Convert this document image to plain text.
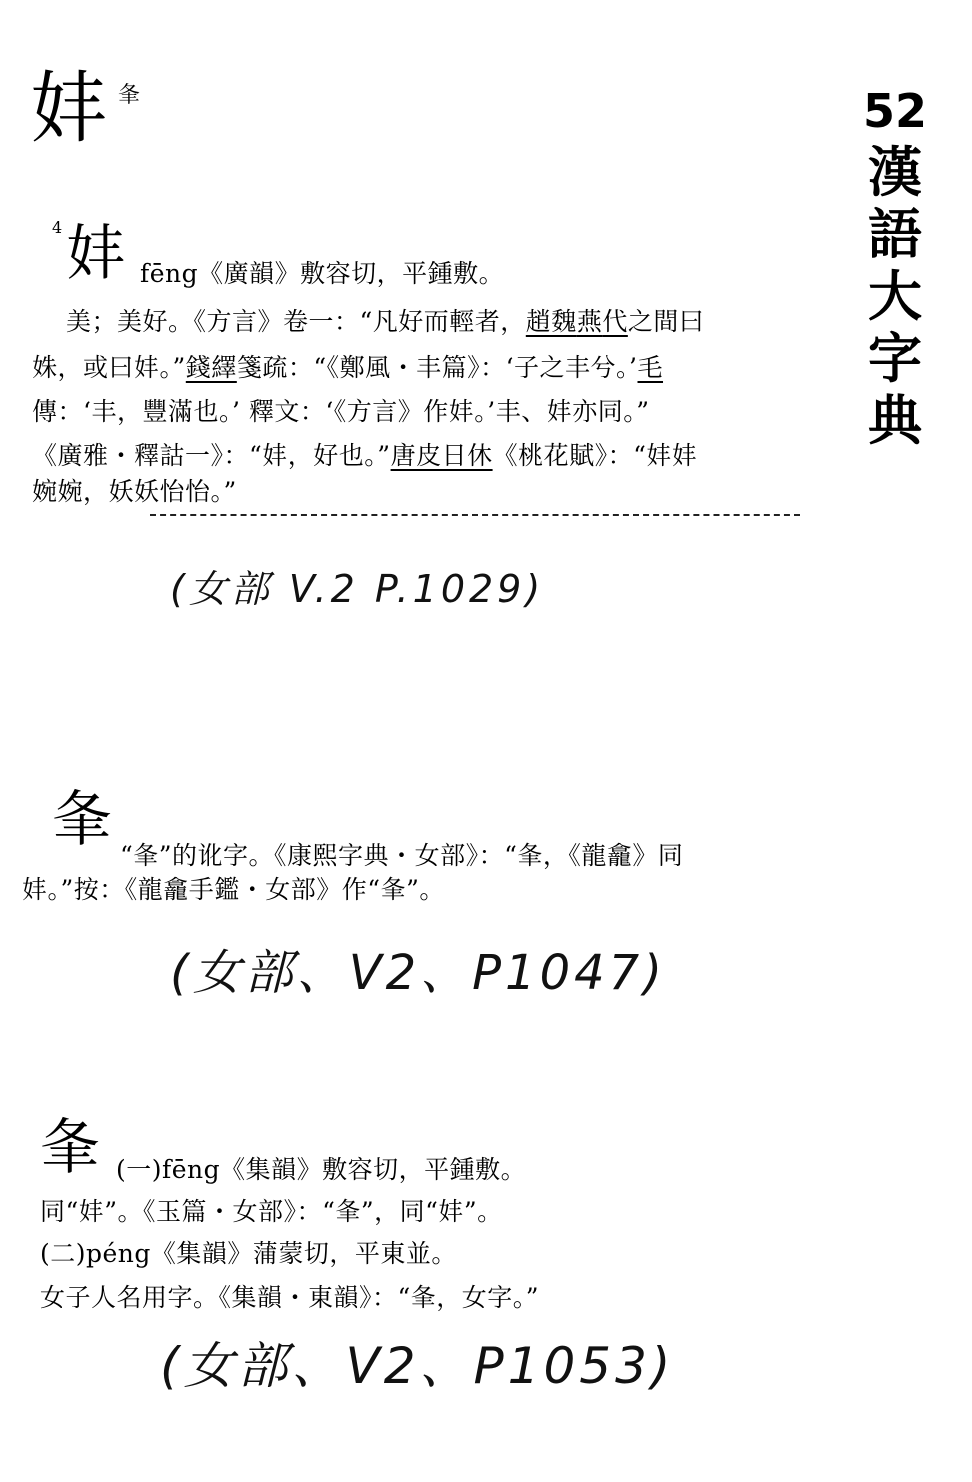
妦 夆	52
漢
語
大
字
典
4 妦 fēng《廣韻》敷容切，平鍾敷。
美；美好。《方言》卷一：“凡好而輕者，趙魏燕代之間曰
姝，或曰妦。”錢繹箋疏：“《鄭風・丰篇》：‘子之丰兮。’毛
傳：‘丰，豐滿也。’ 釋文：‘《方言》作妦。’丰、妦亦同。”
《廣雅・釋詁一》：“妦，好也。”唐皮日休《桃花賦》：“妦妦
婉婉，妖妖怡怡。”
(女部 V.2 P.1029)
夆
“夆”的讹字。《康熙字典・女部》：“夆，《龍龕》同
妦。”按：《龍龕手鑑・女部》作“夆”。
(女部、V2、P1047)
夆 (一)fēng《集韻》敷容切，平鍾敷。
同“妦”。《玉篇・女部》：“夆”，同“妦”。
(二)péng《集韻》蒲蒙切，平東並。
女子人名用字。《集韻・東韻》：“夆，女字。”
(女部、V2、P1053)
